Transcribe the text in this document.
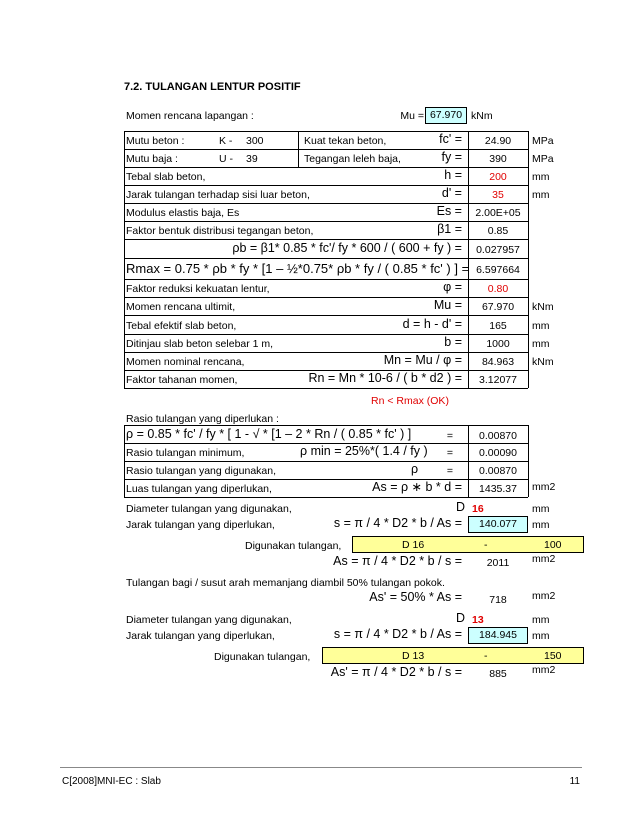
7.2. TULANGAN LENTUR POSITIF
Momen rencana lapangan :	Mu = 67.970 kNm
Mutu beton :	K - 300	Kuat tekan beton,	fc' =	24.90	MPa
Mutu baja :	U - 39	Tegangan leleh baja,	fy =	390	MPa
Tebal slab beton,	h =	200	mm
Jarak tulangan terhadap sisi luar beton,	d' =	35	mm
Modulus elastis baja, Es	Es =	2.00E+05
Faktor bentuk distribusi tegangan beton,	β1 =	0.85
ρb = β1* 0.85 * fc'/ fy * 600 / ( 600 + fy ) =	0.027957
Rmax = 0.75 * ρb * fy * [1 – ½*0.75* ρb * fy / ( 0.85 * fc' ) ] = 6.597664
Faktor reduksi kekuatan lentur,	φ =	0.80
Momen rencana ultimit,	Mu =	67.970	kNm
Tebal efektif slab beton,	d = h - d' =	165	mm
Ditinjau slab beton selebar 1 m,	b =	1000	mm
Momen nominal rencana,	Mn = Mu / φ =	84.963	kNm
Faktor tahanan momen,	Rn = Mn * 10-6 / ( b * d2 ) =	3.12077
Rn < Rmax (OK)
Rasio tulangan yang diperlukan :
ρ = 0.85 * fc' / fy * [ 1 - √ * [1 – 2 * Rn / ( 0.85 * fc' ) ]	=	0.00870
Rasio tulangan minimum,	ρ min = 25%*( 1.4 / fy )	=	0.00090
Rasio tulangan yang digunakan,	ρ	=	0.00870
Luas tulangan yang diperlukan,	As = ρ ∗ b * d =	1435.37	mm2
Diameter tulangan yang digunakan,	D 16	mm
Jarak tulangan yang diperlukan,	s = π / 4 * D2 * b / As =	140.077	mm
Digunakan tulangan,	D 16	-	100
As = π / 4 * D2 * b / s =	2011	mm2
Tulangan bagi / susut arah memanjang diambil 50% tulangan pokok.
As' = 50% * As =	718	mm2
Diameter tulangan yang digunakan,	D 13	mm
Jarak tulangan yang diperlukan,	s = π / 4 * D2 * b / As =	184.945	mm
Digunakan tulangan,	D 13	-	150
As' = π / 4 * D2 * b / s =	885	mm2
C[2008]MNI-EC : Slab	11
